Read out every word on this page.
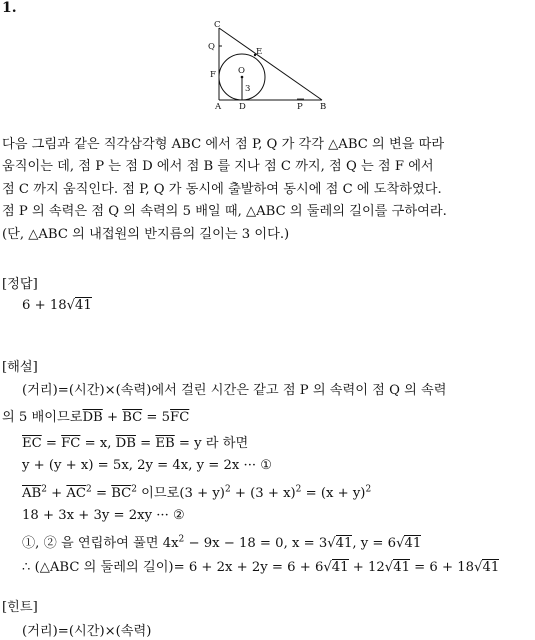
1.
C
Q	E
O
F
3
A D	P B
다음 그림과 같은 직각삼각형 ABC 에서 점 P, Q 가 각각 △ABC 의 변을 따라
움직이는 데, 점 P 는 점 D 에서 점 B 를 지나 점 C 까지, 점 Q 는 점 F 에서
점 C 까지 움직인다. 점 P, Q 가 동시에 출발하여 동시에 점 C 에 도착하였다.
점 P 의 속력은 점 Q 의 속력의 5 배일 때, △ABC 의 둘레의 길이를 구하여라.
(단, △ABC 의 내접원의 반지름의 길이는 3 이다.)
[정답]
6 + 18√41
[해설]
(거리)=(시간)×(속력)에서 걸린 시간은 같고 점 P 의 속력이 점 Q 의 속력
의 5 배이므로$\overline{DB} + \overline{BC} = 5\overline{FC}$
$\overline{EC} = \overline{FC} = x$, $\overline{DB} = \overline{EB} = y$ 라 하면
y + (y + x) = 5x, 2y = 4x, y = 2x ··· ①
$\overline{AB}^2 + \overline{AC}^2 = \overline{BC}^2$ 이므로$(3 + y)^2 + (3 + x)^2 = (x + y)^2$
18 + 3x + 3y = 2xy ··· ②
①, ② 을 연립하여 풀면 $4x^2 - 9x - 18 = 0$, x = 3√41, y = 6√41
∴ (△ABC 의 둘레의 길이)= 6 + 2x + 2y = 6 + 6√41 + 12√41 = 6 + 18√41
[힌트]
(거리)=(시간)×(속력)
